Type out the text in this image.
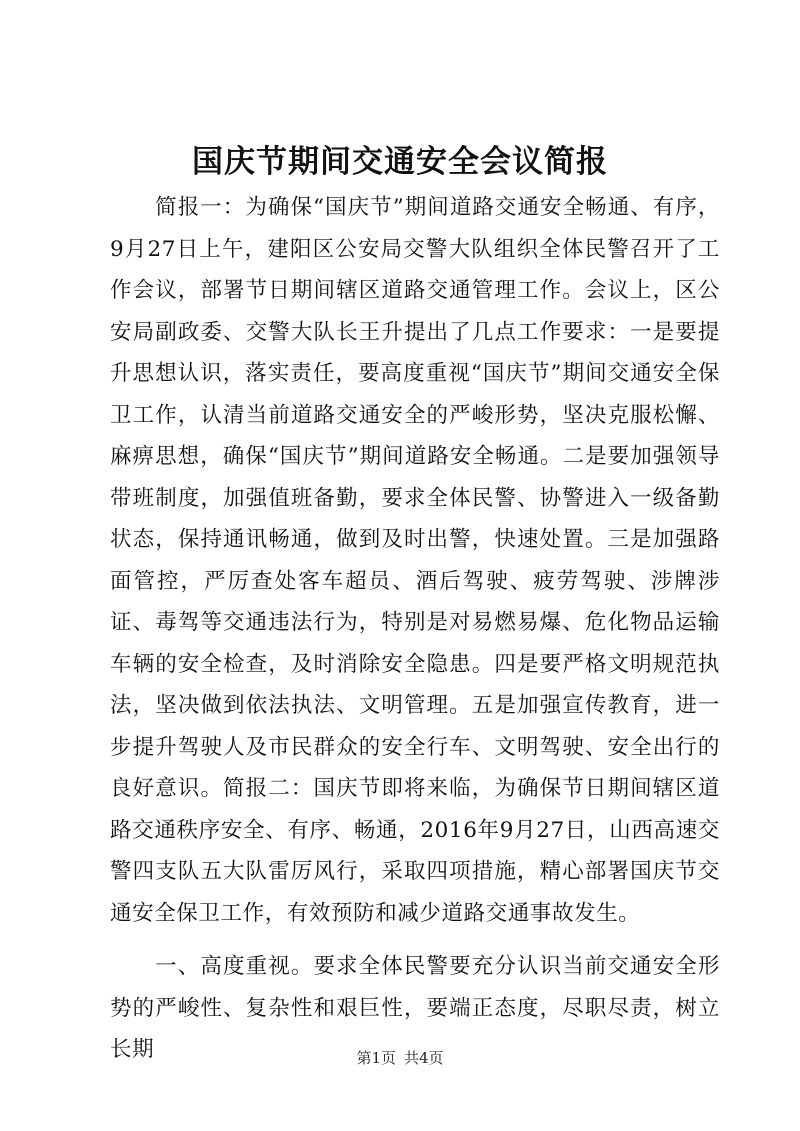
国庆节期间交通安全会议简报

简报一：为确保“国庆节”期间道路交通安全畅通、有序，9月27日上午，建阳区公安局交警大队组织全体民警召开了工作会议，部署节日期间辖区道路交通管理工作。会议上，区公安局副政委、交警大队长王升提出了几点工作要求：一是要提升思想认识，落实责任，要高度重视“国庆节”期间交通安全保卫工作，认清当前道路交通安全的严峻形势，坚决克服松懈、麻痹思想，确保“国庆节”期间道路安全畅通。二是要加强领导带班制度，加强值班备勤，要求全体民警、协警进入一级备勤状态，保持通讯畅通，做到及时出警，快速处置。三是加强路面管控，严厉查处客车超员、酒后驾驶、疲劳驾驶、涉牌涉证、毒驾等交通违法行为，特别是对易燃易爆、危化物品运输车辆的安全检查，及时消除安全隐患。四是要严格文明规范执法，坚决做到依法执法、文明管理。五是加强宣传教育，进一步提升驾驶人及市民群众的安全行车、文明驾驶、安全出行的良好意识。简报二：国庆节即将来临，为确保节日期间辖区道路交通秩序安全、有序、畅通，2016年9月27日，山西高速交警四支队五大队雷厉风行，采取四项措施，精心部署国庆节交通安全保卫工作，有效预防和减少道路交通事故发生。

一、高度重视。要求全体民警要充分认识当前交通安全形势的严峻性、复杂性和艰巨性，要端正态度，尽职尽责，树立长期	第1页 共4页
